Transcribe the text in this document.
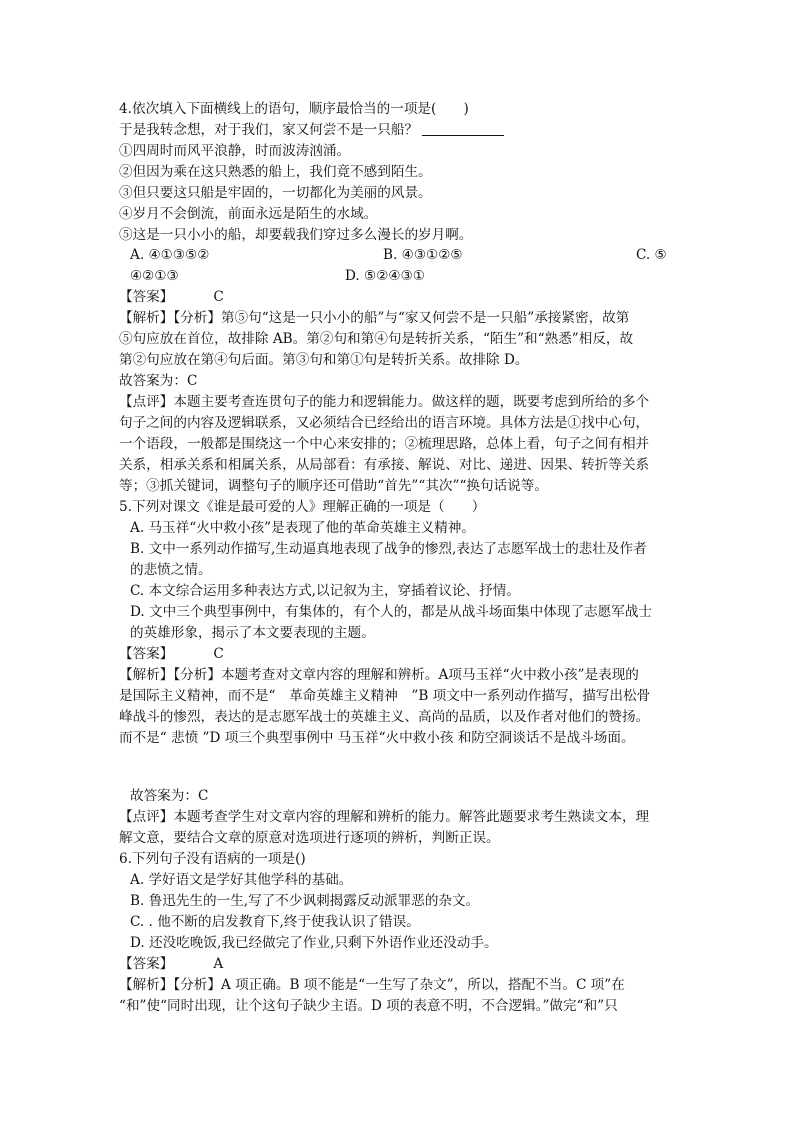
4.依次填入下面横线上的语句，顺序最恰当的一项是(　　)
于是我转念想，对于我们，家又何尝不是一只船？
①四周时而风平浪静，时而波涛汹涌。
②但因为乘在这只熟悉的船上，我们竟不感到陌生。
③但只要这只船是牢固的，一切都化为美丽的风景。
④岁月不会倒流，前面永远是陌生的水域。
⑤这是一只小小的船，却要载我们穿过多么漫长的岁月啊。
A. ④①③⑤②	B. ④③①②⑤	C. ⑤
④②①③	D. ⑤②④③①
【答案】	C
【解析】【分析】第⑤句“这是一只小小的船”与“家又何尝不是一只船”承接紧密，故第
⑤句应放在首位，故排除 AB。第②句和第④句是转折关系，“陌生”和“熟悉”相反，故
第②句应放在第④句后面。第③句和第①句是转折关系。故排除 D。
故答案为：C
【点评】本题主要考查连贯句子的能力和逻辑能力。做这样的题，既要考虑到所给的多个
句子之间的内容及逻辑联系，又必须结合已经给出的语言环境。具体方法是①找中心句，
一个语段，一般都是围绕这一个中心来安排的；②梳理思路，总体上看，句子之间有相并
关系，相承关系和相属关系，从局部看：有承接、解说、对比、递进、因果、转折等关系
等；③抓关键词，调整句子的顺序还可借助“首先”“其次”“换句话说等。
5.下列对课文《谁是最可爱的人》理解正确的一项是（　　）
A. 马玉祥“火中救小孩”是表现了他的革命英雄主义精神。
B. 文中一系列动作描写,生动逼真地表现了战争的惨烈,表达了志愿军战士的悲壮及作者
的悲愤之情。
C. 本文综合运用多种表达方式,以记叙为主，穿插着议论、抒情。
D. 文中三个典型事例中，有集体的，有个人的，都是从战斗场面集中体现了志愿军战士
的英雄形象，揭示了本文要表现的主题。
【答案】	C
【解析】【分析】本题考查对文章内容的理解和辨析。A项马玉祥“火中救小孩”是表现的
是国际主义精神，而不是“　革命英雄主义精神　”B 项文中一系列动作描写，描写出松骨
峰战斗的惨烈，表达的是志愿军战士的英雄主义、高尚的品质，以及作者对他们的赞扬。
而不是“ 悲愤 ”D 项三个典型事例中 马玉祥“火中救小孩 和防空洞谈话不是战斗场面。
故答案为：C
【点评】本题考查学生对文章内容的理解和辨析的能力。解答此题要求考生熟读文本，理
解文意，要结合文章的原意对选项进行逐项的辨析，判断正误。
6.下列句子没有语病的一项是()
A. 学好语文是学好其他学科的基础。
B. 鲁迅先生的一生,写了不少讽刺揭露反动派罪恶的杂文。
C. . 他不断的启发教育下,终于使我认识了错误。
D. 还没吃晚饭,我已经做完了作业,只剩下外语作业还没动手。
【答案】	A
【解析】【分析】A 项正确。B 项不能是“一生写了杂文”，所以，搭配不当。C 项”在
“和”使“同时出现，让个这句子缺少主语。D 项的表意不明，不合逻辑。”做完“和”只
